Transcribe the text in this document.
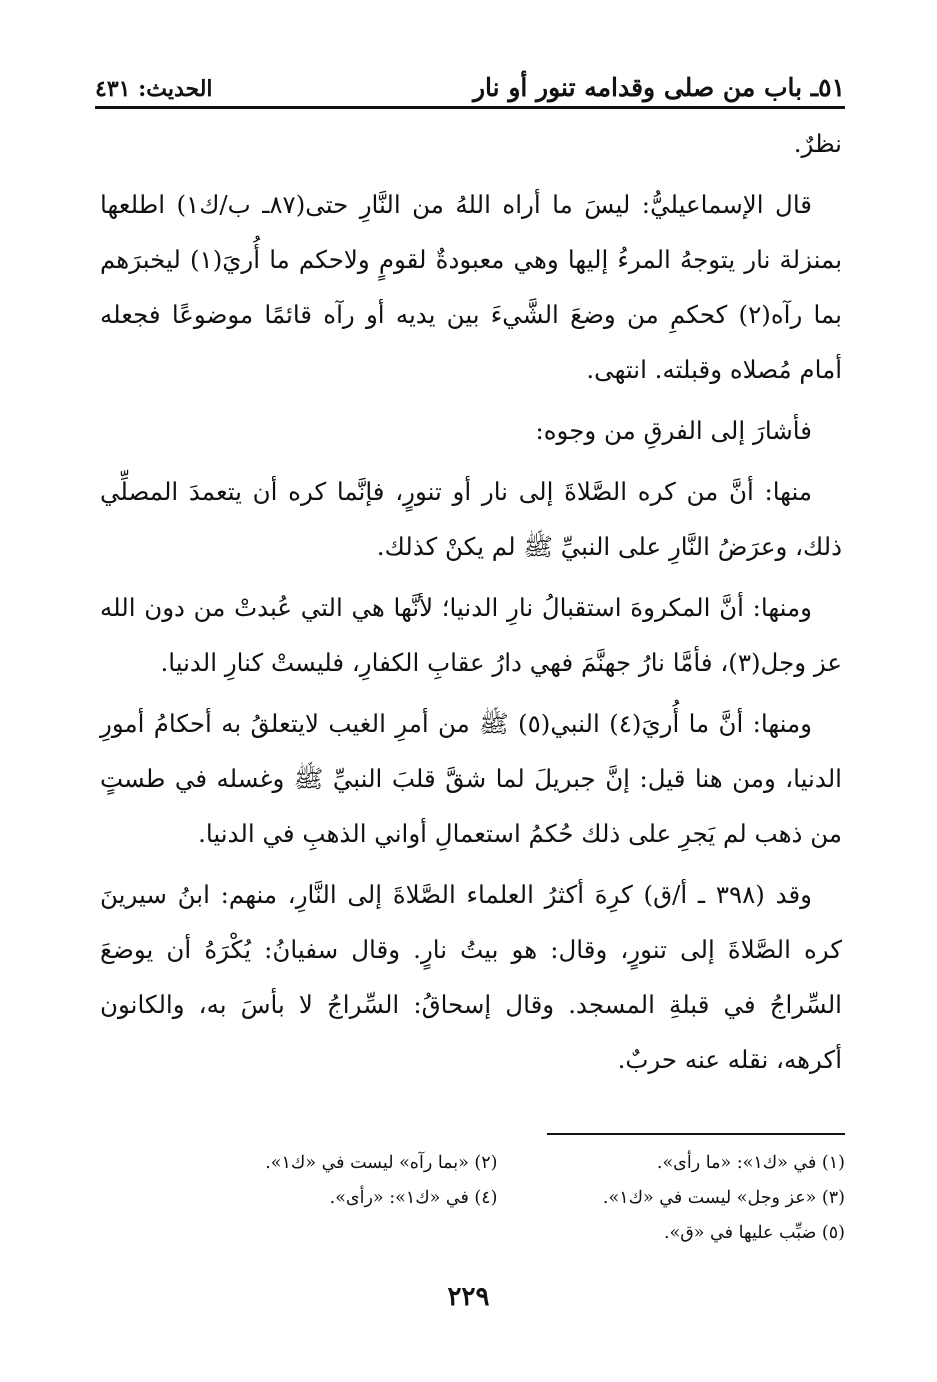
٥١ـ باب من صلى وقدامه تنور أو نار
الحديث: ٤٣١

نظرٌ.

قال الإسماعيليُّ: ليسَ ما أراه اللهُ من النَّارِ حتى(٨٧ـ ب/ك١) اطلعها بمنزلة نار يتوجهُ المرءُ إليها وهي معبودةٌ لقومٍ ولاحكم ما أُريَ(١) ليخبرَهم بما رآه(٢) كحكمِ من وضعَ الشَّيءَ بين يديه أو رآه قائمًا موضوعًا فجعله أمام مُصلاه وقبلته. انتهى.

فأشارَ إلى الفرقِ من وجوه:

منها: أنَّ من كره الصَّلاةَ إلى نار أو تنورٍ، فإنَّما كره أن يتعمدَ المصلِّي ذلك، وعرَضُ النَّارِ على النبيِّ ﷺ لم يكنْ كذلك.

ومنها: أنَّ المكروهَ استقبالُ نارِ الدنيا؛ لأنَّها هي التي عُبدتْ من دون الله عز وجل(٣)، فأمَّا نارُ جهنَّمَ فهي دارُ عقابِ الكفارِ، فليستْ كنارِ الدنيا.

ومنها: أنَّ ما أُريَ(٤) النبي(٥) ﷺ من أمرِ الغيب لايتعلقُ به أحكامُ أمورِ الدنيا، ومن هنا قيل: إنَّ جبريلَ لما شقَّ قلبَ النبيِّ ﷺ وغسله في طستٍ من ذهب لم يَجرِ على ذلك حُكمُ استعمالِ أواني الذهبِ في الدنيا.

وقد (٣٩٨ ـ أ/ق) كرِهَ أكثرُ العلماء الصَّلاةَ إلى النَّارِ، منهم: ابنُ سيرينَ كره الصَّلاةَ إلى تنورٍ، وقال: هو بيتُ نارٍ. وقال سفيانُ: يُكْرَهُ أن يوضعَ السِّراجُ في قبلةِ المسجد. وقال إسحاقُ: السِّراجُ لا بأسَ به، والكانون أكرهه، نقله عنه حربٌ.

(١) في «ك١»: «ما رأى».
(٢) «بما رآه» ليست في «ك١».
(٣) «عز وجل» ليست في «ك١».
(٤) في «ك١»: «رأى».
(٥) ضبِّب عليها في «ق».
٢٢٩
